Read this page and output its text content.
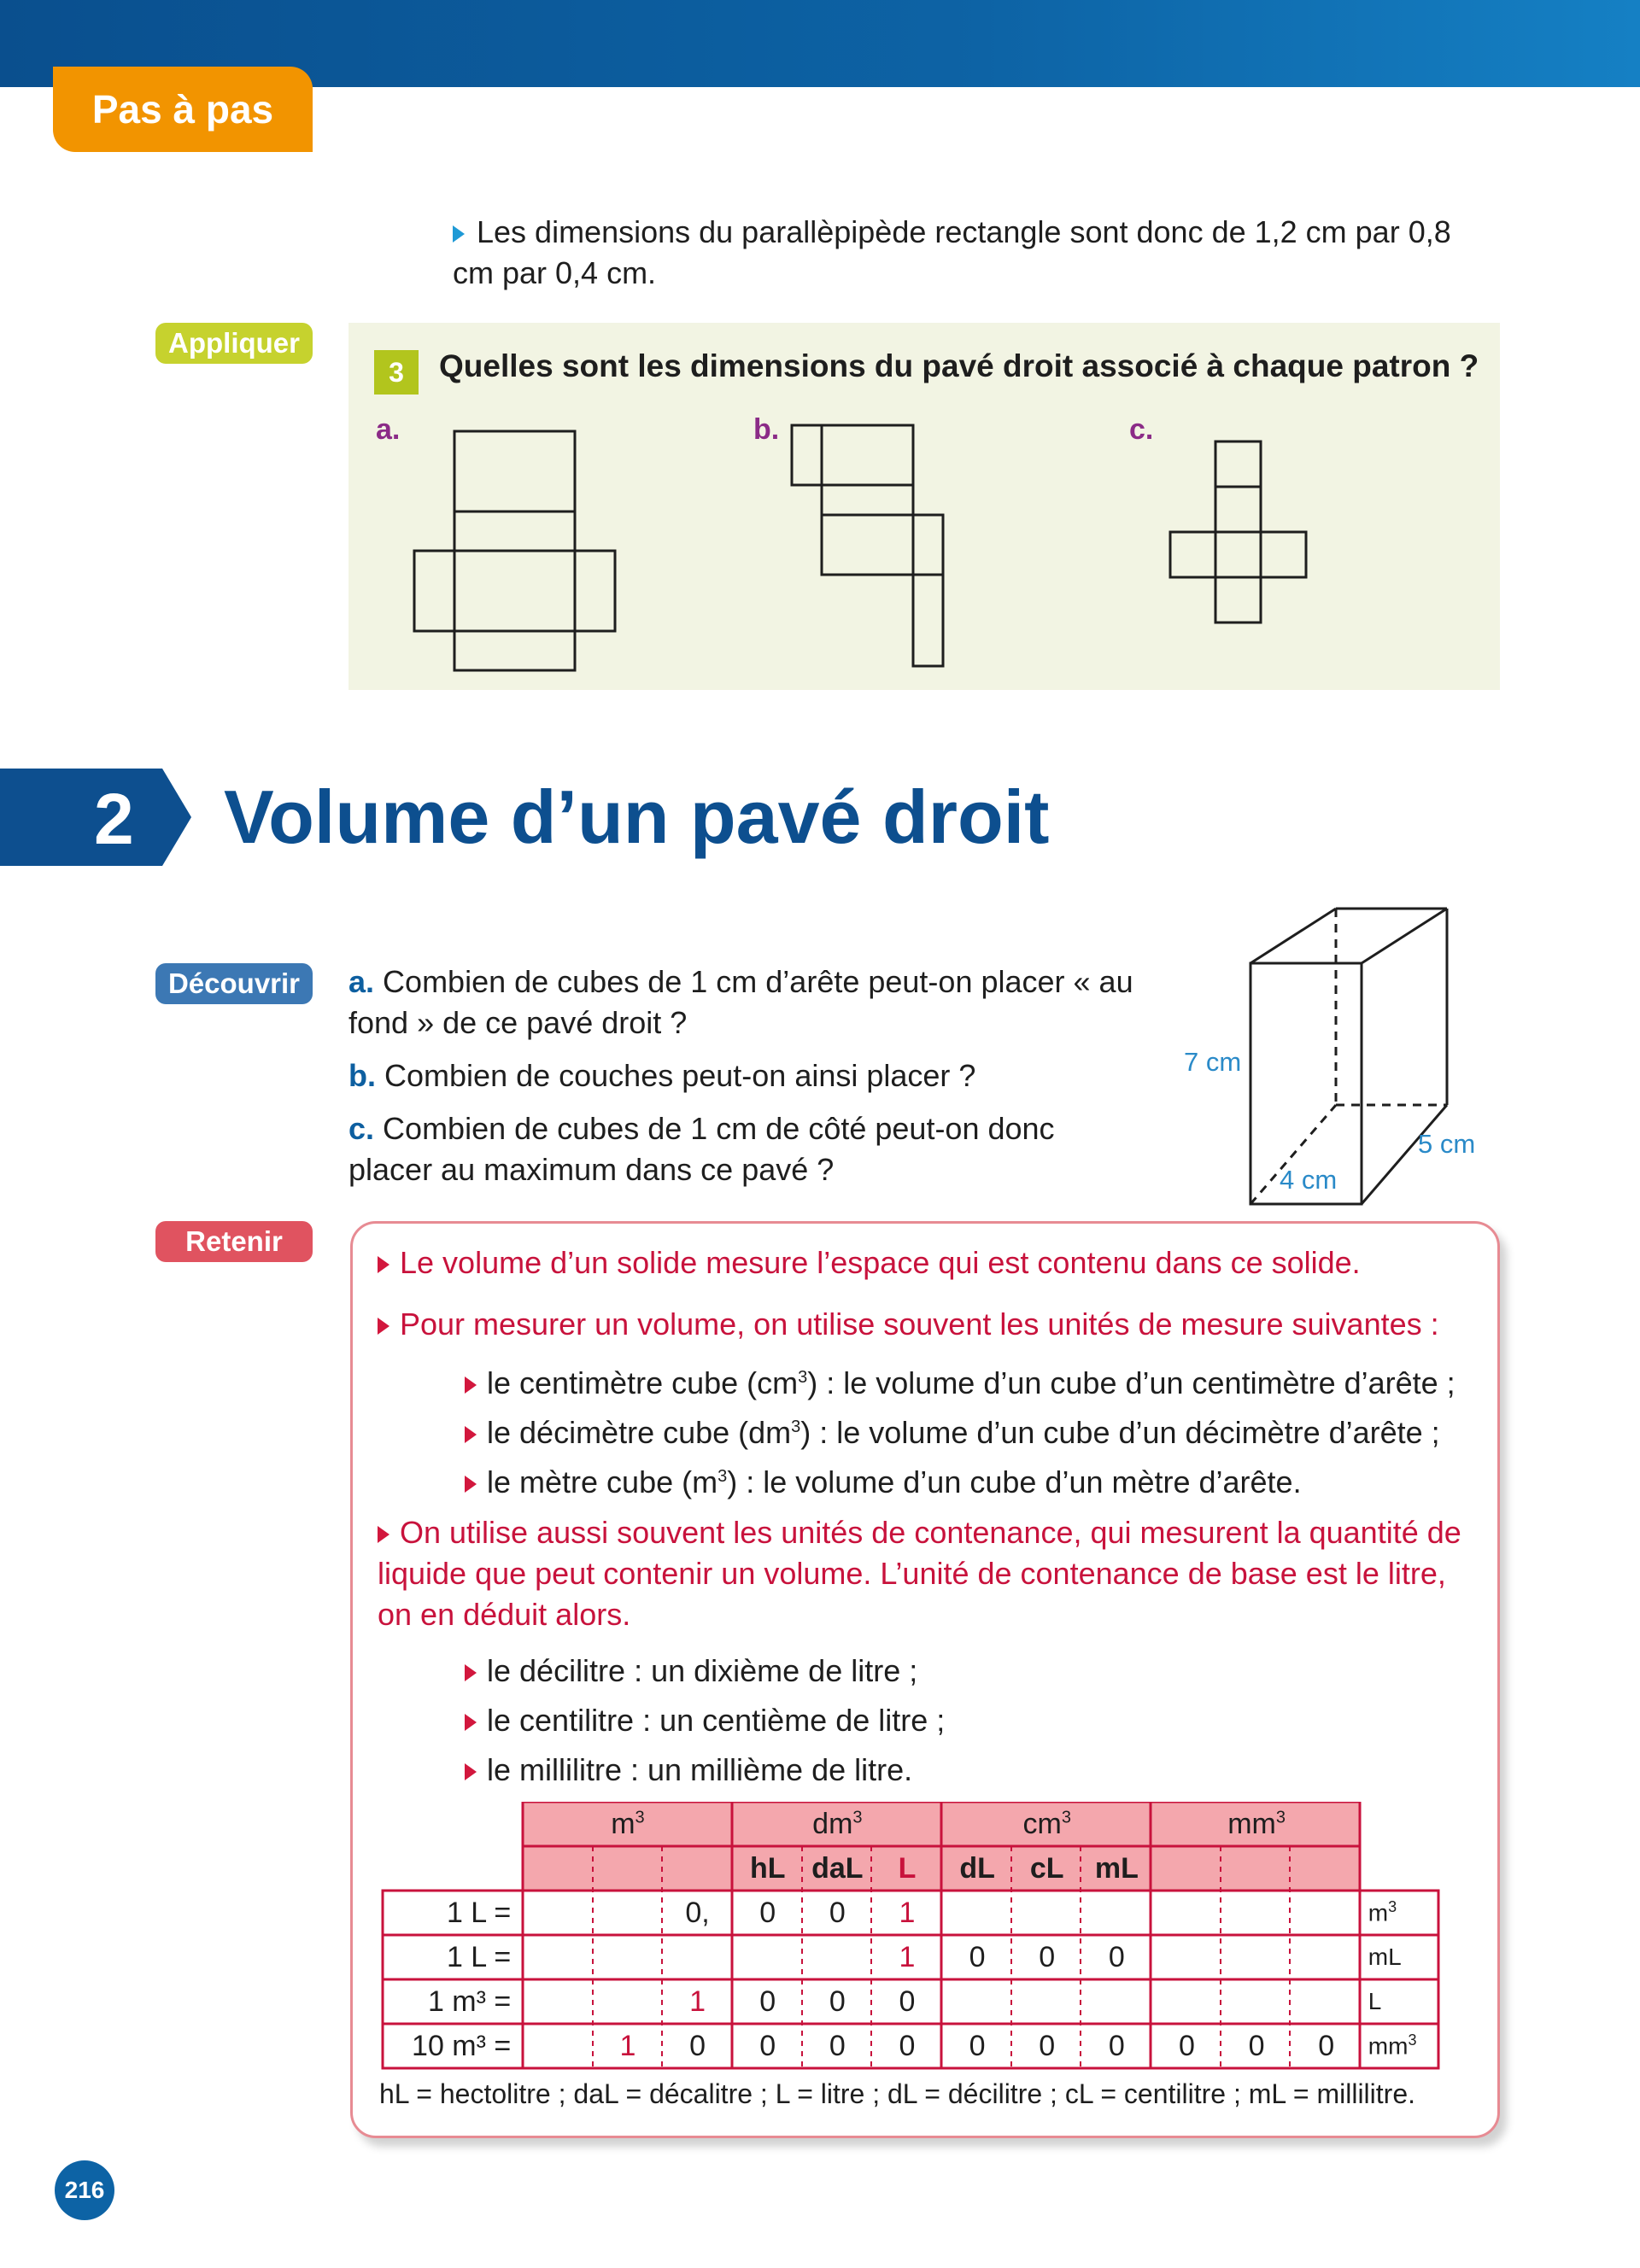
Pas à pas
Les dimensions du parallèpipède rectangle sont donc de 1,2 cm par 0,8 cm par 0,4 cm.
Appliquer
3	Quelles sont les dimensions du pavé droit associé à chaque patron ?
a.	b.	c.
2 Volume d’un pavé droit
Découvrir	a. Combien de cubes de 1 cm d’arête peut-on placer « au fond » de ce pavé droit ?
b. Combien de couches peut-on ainsi placer ?
c. Combien de cubes de 1 cm de côté peut-on donc placer au maximum dans ce pavé ?
7 cm
4 cm
5 cm
Retenir
Le volume d’un solide mesure l’espace qui est contenu dans ce solide.
Pour mesurer un volume, on utilise souvent les unités de mesure suivantes :
le centimètre cube $(cm^3)$ : le volume d’un cube d’un centimètre d’arête ;
le décimètre cube $(dm^3)$ : le volume d’un cube d’un décimètre d’arête ;
le mètre cube $(m^3)$ : le volume d’un cube d’un mètre d’arête.
On utilise aussi souvent les unités de contenance, qui mesurent la quantité de liquide que peut contenir un volume. L’unité de contenance de base est le litre, on en déduit alors.
le décilitre : un dixième de litre ;
le centilitre : un centième de litre ;
le millilitre : un millième de litre.
	$m^3$			$dm^3$			$cm^3$			$mm^3$	
				hL	daL	L	dL	cL	mL				
1 L =			0,	0	0	1							$m^3$
1 L =						1	0	0	0				mL
1 m³ =			1	0	0	0							L
10 m³ =		1	0	0	0	0	0	0	0	0	0	0	$mm^3$
hL = hectolitre ; daL = décalitre ; L = litre ; dL = décilitre ; cL = centilitre ; mL = millilitre.
216
